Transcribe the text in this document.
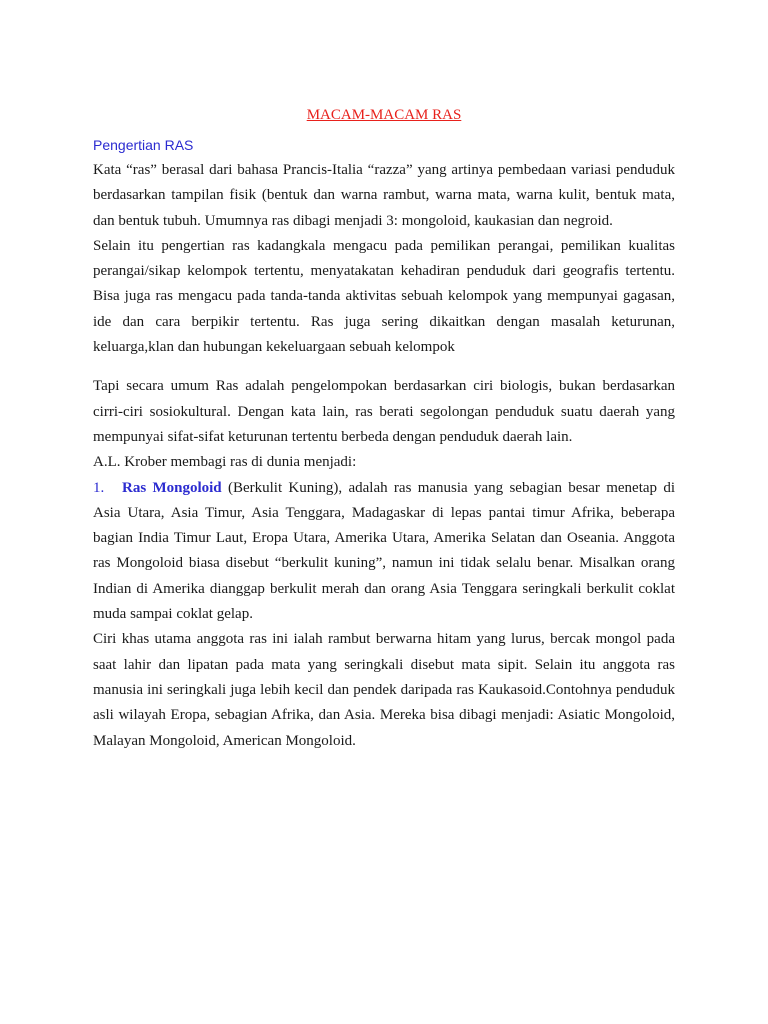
MACAM-MACAM RAS
Pengertian RAS

Kata “ras” berasal dari bahasa Prancis-Italia “razza” yang artinya pembedaan variasi penduduk berdasarkan tampilan fisik (bentuk dan warna rambut, warna mata, warna kulit, bentuk mata, dan bentuk tubuh. Umumnya ras dibagi menjadi 3: mongoloid, kaukasian dan negroid.

Selain itu pengertian ras kadangkala mengacu pada pemilikan perangai, pemilikan kualitas perangai/sikap kelompok tertentu, menyatakatan kehadiran penduduk dari geografis tertentu. Bisa juga ras mengacu pada tanda-tanda aktivitas sebuah kelompok yang mempunyai gagasan, ide dan cara berpikir tertentu. Ras juga sering dikaitkan dengan masalah keturunan, keluarga,klan dan hubungan kekeluargaan sebuah kelompok

Tapi secara umum Ras adalah pengelompokan berdasarkan ciri biologis, bukan berdasarkan cirri-ciri sosiokultural. Dengan kata lain, ras berati segolongan penduduk suatu daerah yang mempunyai sifat-sifat keturunan tertentu berbeda dengan penduduk daerah lain.

A.L. Krober membagi ras di dunia menjadi:

1. Ras Mongoloid (Berkulit Kuning), adalah ras manusia yang sebagian besar menetap di Asia Utara, Asia Timur, Asia Tenggara, Madagaskar di lepas pantai timur Afrika, beberapa bagian India Timur Laut, Eropa Utara, Amerika Utara, Amerika Selatan dan Oseania. Anggota ras Mongoloid biasa disebut “berkulit kuning”, namun ini tidak selalu benar. Misalkan orang Indian di Amerika dianggap berkulit merah dan orang Asia Tenggara seringkali berkulit coklat muda sampai coklat gelap.

Ciri khas utama anggota ras ini ialah rambut berwarna hitam yang lurus, bercak mongol pada saat lahir dan lipatan pada mata yang seringkali disebut mata sipit. Selain itu anggota ras manusia ini seringkali juga lebih kecil dan pendek daripada ras Kaukasoid.Contohnya penduduk asli wilayah Eropa, sebagian Afrika, dan Asia. Mereka bisa dibagi menjadi: Asiatic Mongoloid, Malayan Mongoloid, American Mongoloid.
